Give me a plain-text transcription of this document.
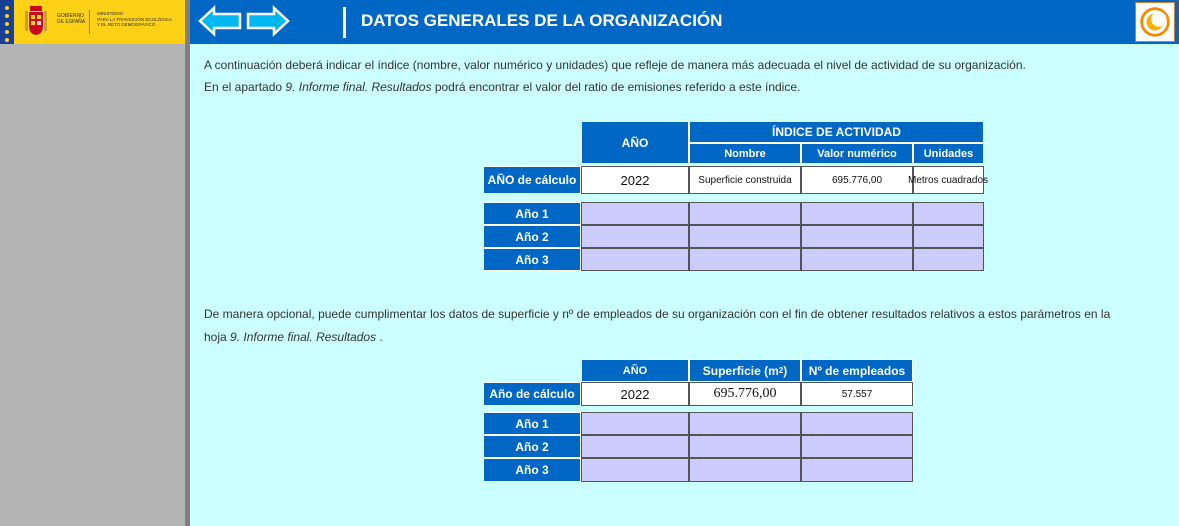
GOBIERNO
DE ESPAÑA
MINISTERIO
PARA LA TRANSICIÓN ECOLÓGICA
Y EL RETO DEMOGRÁFICO	DATOS GENERALES DE LA ORGANIZACIÓN
A continuación deberá indicar el índice (nombre, valor numérico y unidades) que refleje de manera más adecuada el nivel de actividad de su organización.
En el apartado 9. Informe final. Resultados podrá encontrar el valor del ratio de emisiones referido a este índice.
AÑO
ÍNDICE DE ACTIVIDAD
Nombre	Valor numérico	Unidades
AÑO de cálculo	2022	Superficie construida	695.776,00	Metros cuadrados
Año 1
Año 2
Año 3
De manera opcional, puede cumplimentar los datos de superficie y nº de empleados de su organización con el fin de obtener resultados relativos a estos parámetros en la
hoja 9. Informe final. Resultados .
AÑO	Superficie (m 2 )	Nº de empleados
Año de cálculo	2022	695.776,00	57.557
Año 1
Año 2
Año 3
